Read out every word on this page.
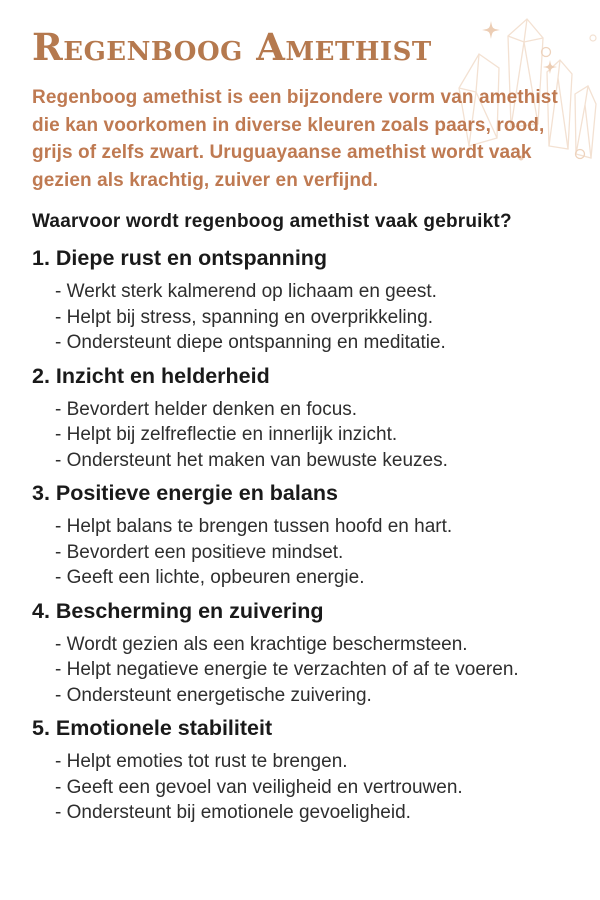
Regenboog Amethist

Regenboog amethist is een bijzondere vorm van amethist die kan voorkomen in diverse kleuren zoals paars, rood, grijs of zelfs zwart. Uruguayaanse amethist wordt vaak gezien als krachtig, zuiver en verfijnd.

Waarvoor wordt regenboog amethist vaak gebruikt?
1. Diepe rust en ontspanning
- Werkt sterk kalmerend op lichaam en geest.
- Helpt bij stress, spanning en overprikkeling.
- Ondersteunt diepe ontspanning en meditatie.
2. Inzicht en helderheid
- Bevordert helder denken en focus.
- Helpt bij zelfreflectie en innerlijk inzicht.
- Ondersteunt het maken van bewuste keuzes.
3. Positieve energie en balans
- Helpt balans te brengen tussen hoofd en hart.
- Bevordert een positieve mindset.
- Geeft een lichte, opbeuren energie.
4. Bescherming en zuivering
- Wordt gezien als een krachtige beschermsteen.
- Helpt negatieve energie te verzachten of af te voeren.
- Ondersteunt energetische zuivering.
5. Emotionele stabiliteit
- Helpt emoties tot rust te brengen.
- Geeft een gevoel van veiligheid en vertrouwen.
- Ondersteunt bij emotionele gevoeligheid.
